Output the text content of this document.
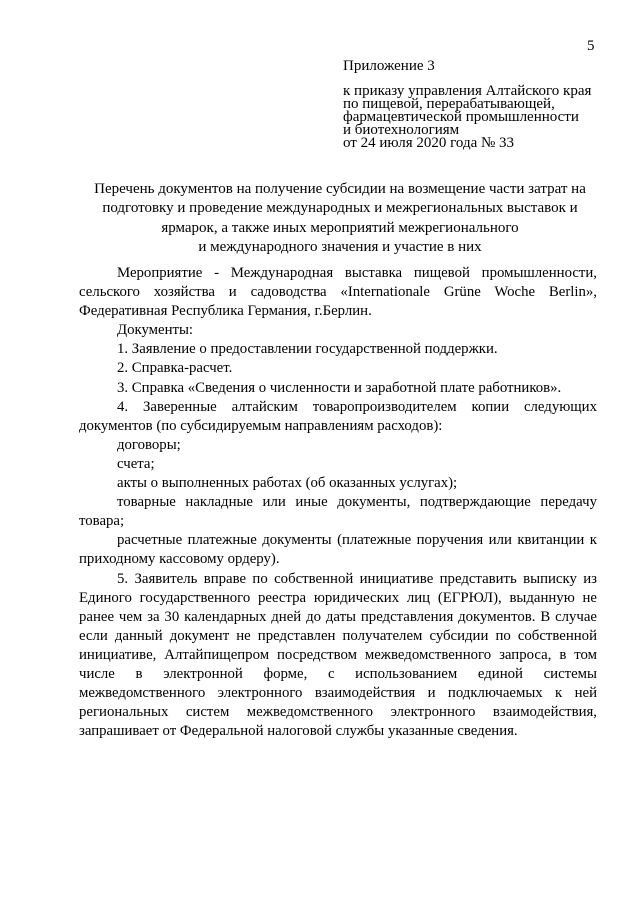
5
Приложение 3
к приказу управления Алтайского края
по пищевой, перерабатывающей,
фармацевтической промышленности
и биотехнологиям
от 24 июля 2020 года № 33
Перечень документов на получение субсидии на возмещение части затрат на
подготовку и проведение международных и межрегиональных выставок и
ярмарок, а также иных мероприятий межрегионального
и международного значения и участие в них

Мероприятие - Международная выставка пищевой промышленности, сельского хозяйства и садоводства «Internationale Grüne Woche Berlin», Федеративная Республика Германия, г.Берлин.

Документы:

1. Заявление о предоставлении государственной поддержки.

2. Справка-расчет.

3. Справка «Сведения о численности и заработной плате работников».

4. Заверенные алтайским товаропроизводителем копии следующих документов (по субсидируемым направлениям расходов):

договоры;

счета;

акты о выполненных работах (об оказанных услугах);

товарные накладные или иные документы, подтверждающие передачу товара;

расчетные платежные документы (платежные поручения или квитанции к приходному кассовому ордеру).

5. Заявитель вправе по собственной инициативе представить выписку из Единого государственного реестра юридических лиц (ЕГРЮЛ), выданную не ранее чем за 30 календарных дней до даты представления документов. В случае если данный документ не представлен получателем субсидии по собственной инициативе, Алтайпищепром посредством межведомственного запроса, в том числе в электронной форме, с использованием единой системы межведомственного электронного взаимодействия и подключаемых к ней региональных систем межведомственного электронного взаимодействия, запрашивает от Федеральной налоговой службы указанные сведения.
